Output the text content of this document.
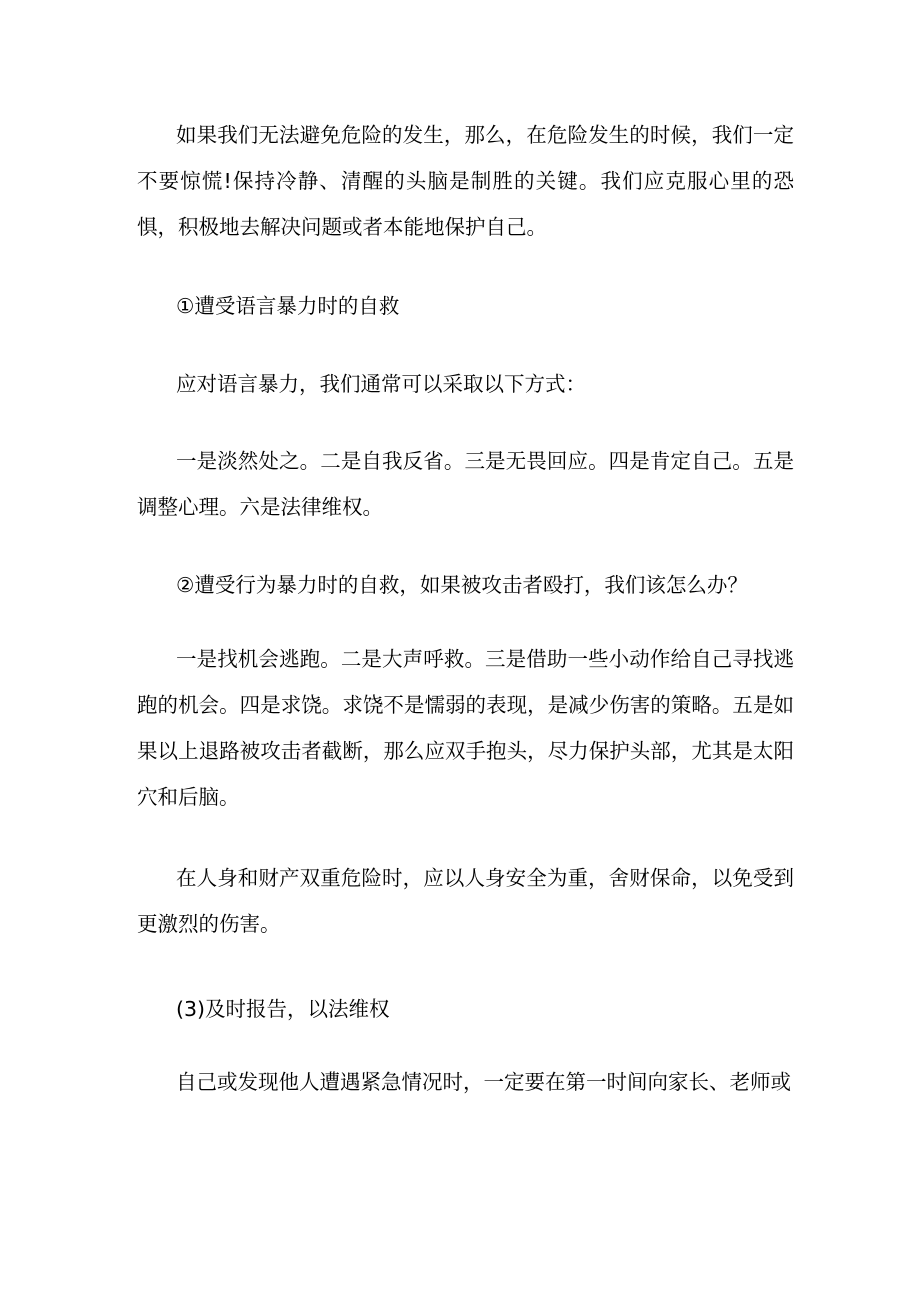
如果我们无法避免危险的发生，那么，在危险发生的时候，我们一定不要惊慌!保持冷静、清醒的头脑是制胜的关键。我们应克服心里的恐惧，积极地去解决问题或者本能地保护自己。

①遭受语言暴力时的自救

应对语言暴力，我们通常可以采取以下方式：

一是淡然处之。二是自我反省。三是无畏回应。四是肯定自己。五是调整心理。六是法律维权。

②遭受行为暴力时的自救，如果被攻击者殴打，我们该怎么办？

一是找机会逃跑。二是大声呼救。三是借助一些小动作给自己寻找逃跑的机会。四是求饶。求饶不是懦弱的表现，是减少伤害的策略。五是如果以上退路被攻击者截断，那么应双手抱头，尽力保护头部，尤其是太阳穴和后脑。

在人身和财产双重危险时，应以人身安全为重，舍财保命，以免受到更激烈的伤害。

(3)及时报告，以法维权

自己或发现他人遭遇紧急情况时，一定要在第一时间向家长、老师或
